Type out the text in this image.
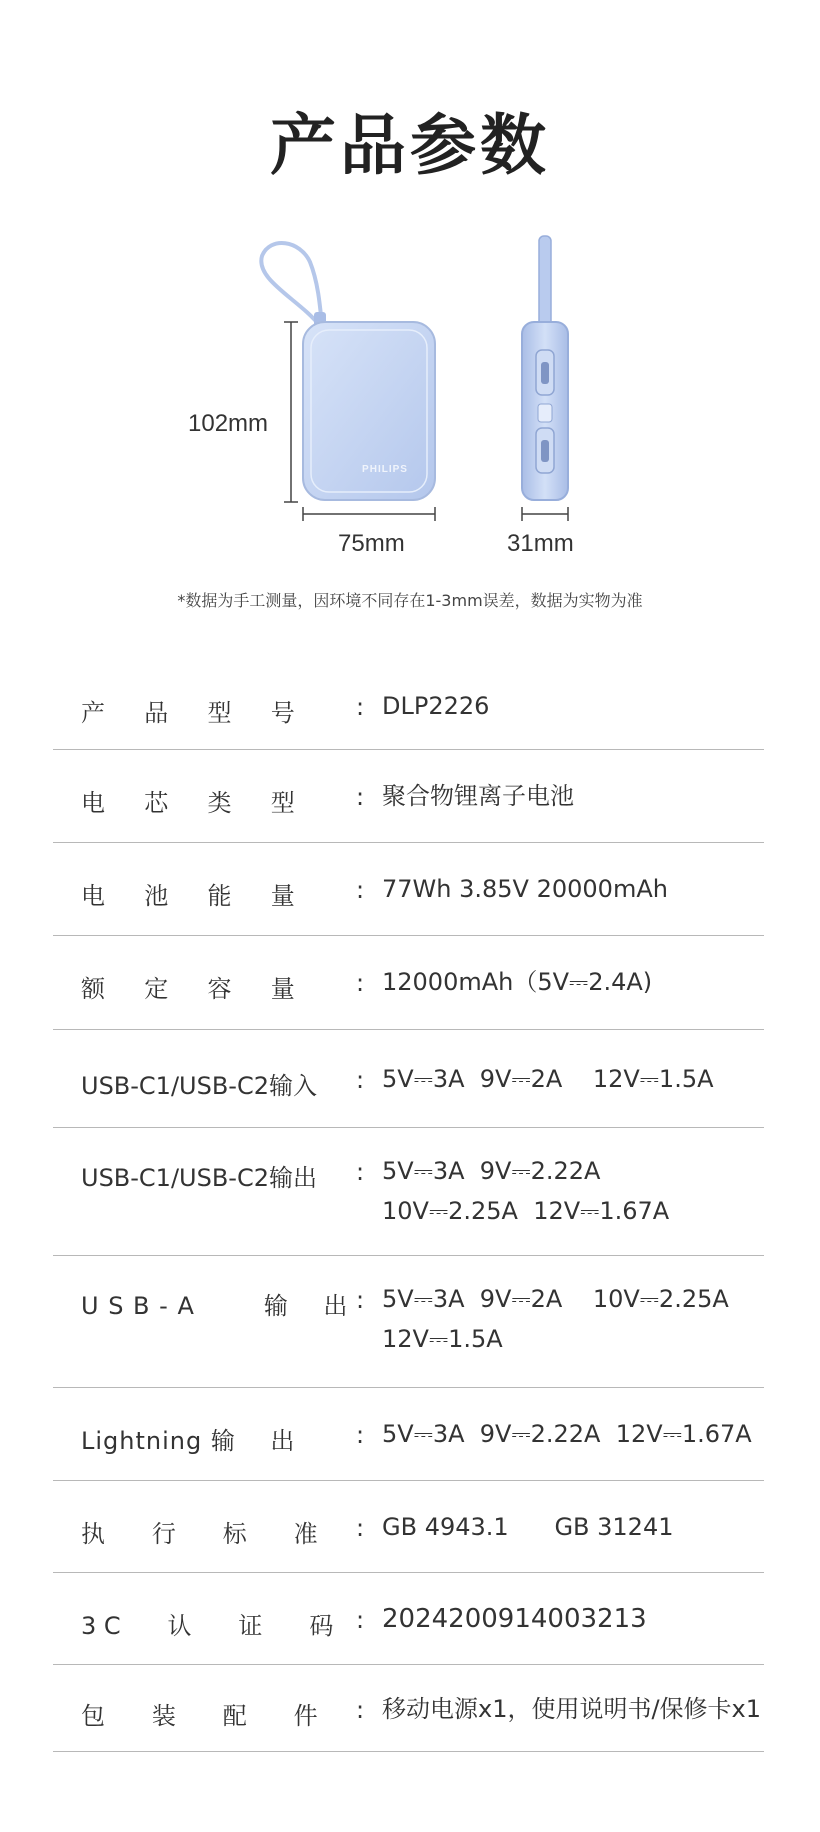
产品参数
PHILIPS
102mm
75mm	31mm
*数据为手工测量，因环境不同存在1-3mm误差，数据为实物为准
产　  品　  型　  号	: DLP2226
电　  芯　  类　  型	: 聚合物锂离子电池
电　  池　  能　  量	: 77Wh 3.85V 20000mAh
额　  定　  容　  量	: 12000mAh（5V⎓2.4A)
USB-C1/USB-C2输入 : 5V⎓3A  9V⎓2A    12V⎓1.5A
USB-C1/USB-C2输出 : 5V⎓3A  9V⎓2.22A
10V⎓2.25A  12V⎓1.67A
U S B - A        输    出 : 5V⎓3A  9V⎓2A    10V⎓2.25A
12V⎓1.5A
Lightning 输    出	: 5V⎓3A  9V⎓2.22A  12V⎓1.67A
执　   行　   标　   准 : GB 4943.1      GB 31241
3 C　   认　   证　   码 : 2024200914003213
包　   装　   配　   件 : 移动电源x1，使用说明书/保修卡x1
